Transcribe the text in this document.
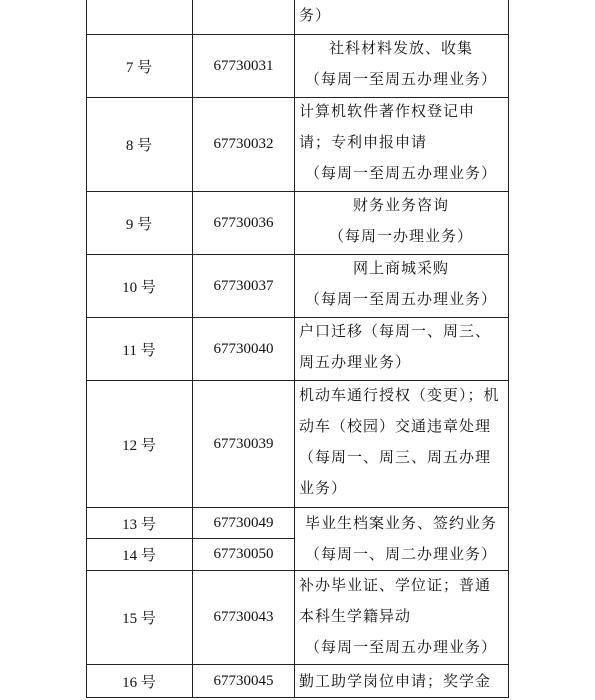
务）
7 号	67730031
社科材料发放、收集
（每周一至周五办理业务）
8 号	67730032
计算机软件著作权登记申
请；专利申报申请
（每周一至周五办理业务）
9 号	67730036
财务业务咨询
（每周一办理业务）
10 号	67730037
网上商城采购
（每周一至周五办理业务）
11 号	67730040
户口迁移（每周一、周三、
周五办理业务）
12 号	67730039
机动车通行授权（变更）；机
动车（校园）交通违章处理
（每周一、周三、周五办理
业务）
13 号	67730049
14 号	67730050
毕业生档案业务、签约业务
（每周一、周二办理业务）
15 号	67730043
补办毕业证、学位证；普通
本科生学籍异动
（每周一至周五办理业务）
16 号	67730045	勤工助学岗位申请；奖学金
